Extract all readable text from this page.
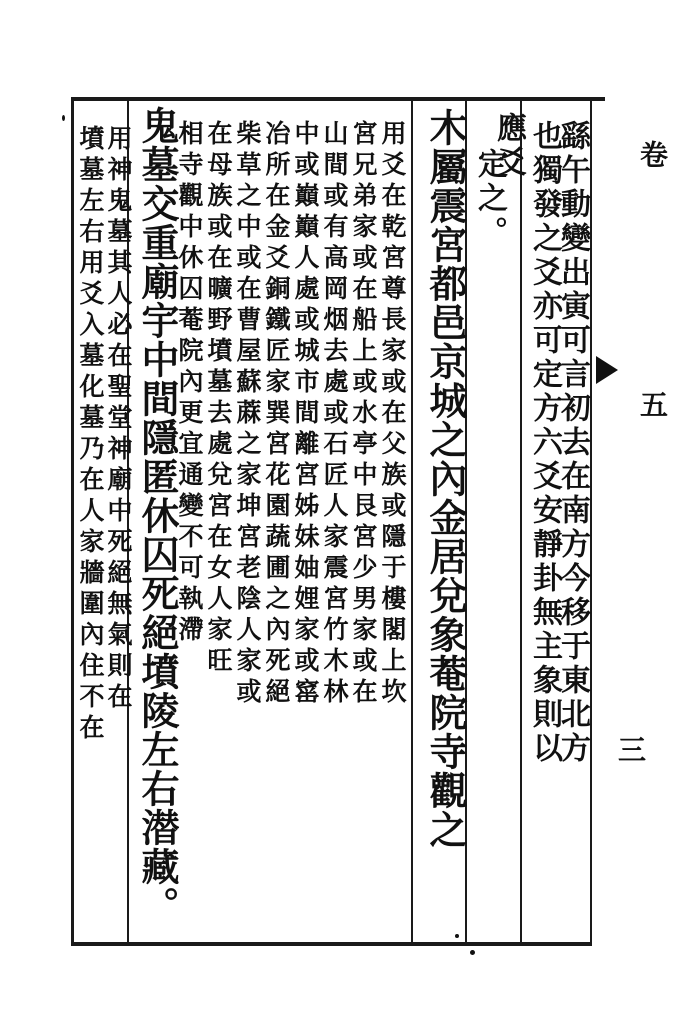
卷
五
三
繇午動變出寅可言初去在南方今移于東北方
也獨發之爻亦可定方六爻安靜卦無主象則以
應爻
定之。
木屬震宮都邑京城之內金居兌象菴院寺觀之
用爻在乾宮尊長家或在父族或隱于樓閣上坎
宮兄弟家或在船上或水亭中艮宮少男家或在
山間或有高岡烟去處或石匠人家震宮竹木林
中或巔巔人處或城市間離宮姊妹妯娌家或窰
冶所在金爻銅鐵匠家巽宮花園蔬圃之內死絕
柴草之中或在曹屋蘇蔴之家坤宮老陰人家或
在母族或在曠野墳墓去處兌宮在女人家旺
相寺觀中休囚菴院內更宜通變不可執滯
鬼墓交重廟宇中間隱匿休囚死絕墳陵左右潜藏。
用神鬼墓其人必在聖堂神廟中死絕無氣則在
墳墓左右用爻入墓化墓乃在人家牆圍內住不在
